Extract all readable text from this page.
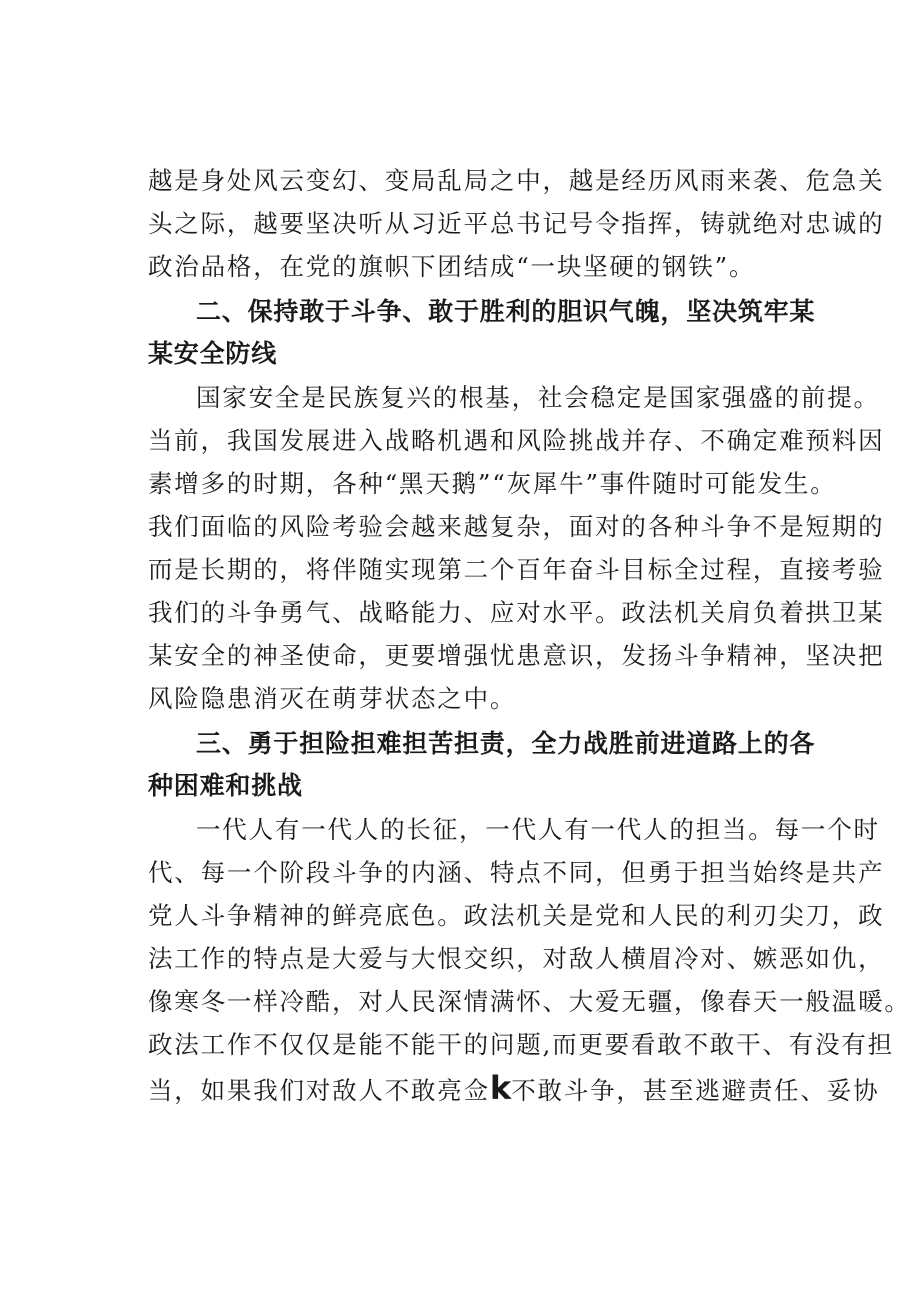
越是身处风云变幻、变局乱局之中，越是经历风雨来袭、危急关
头之际，越要坚决听从习近平总书记号令指挥，铸就绝对忠诚的
政治品格，在党的旗帜下团结成“一块坚硬的钢铁”。
二、保持敢于斗争、敢于胜利的胆识气魄，坚决筑牢某
某安全防线
国家安全是民族复兴的根基，社会稳定是国家强盛的前提。
当前，我国发展进入战略机遇和风险挑战并存、不确定难预料因
素增多的时期，各种“黑天鹅”“灰犀牛”事件随时可能发生。
我们面临的风险考验会越来越复杂，面对的各种斗争不是短期的
而是长期的，将伴随实现第二个百年奋斗目标全过程，直接考验
我们的斗争勇气、战略能力、应对水平。政法机关肩负着拱卫某
某安全的神圣使命，更要增强忧患意识，发扬斗争精神，坚决把
风险隐患消灭在萌芽状态之中。
三、勇于担险担难担苦担责，全力战胜前进道路上的各
种困难和挑战
一代人有一代人的长征，一代人有一代人的担当。每一个时
代、每一个阶段斗争的内涵、特点不同，但勇于担当始终是共产
党人斗争精神的鲜亮底色。政法机关是党和人民的利刃尖刀，政
法工作的特点是大爱与大恨交织，对敌人横眉冷对、嫉恶如仇，
像寒冬一样冷酷，对人民深情满怀、大爱无疆，像春天一般温暖。
政法工作不仅仅是能不能干的问题,而更要看敢不敢干、有没有担
当，如果我们对敌人不敢亮佥k不敢斗争，甚至逃避责任、妥协
